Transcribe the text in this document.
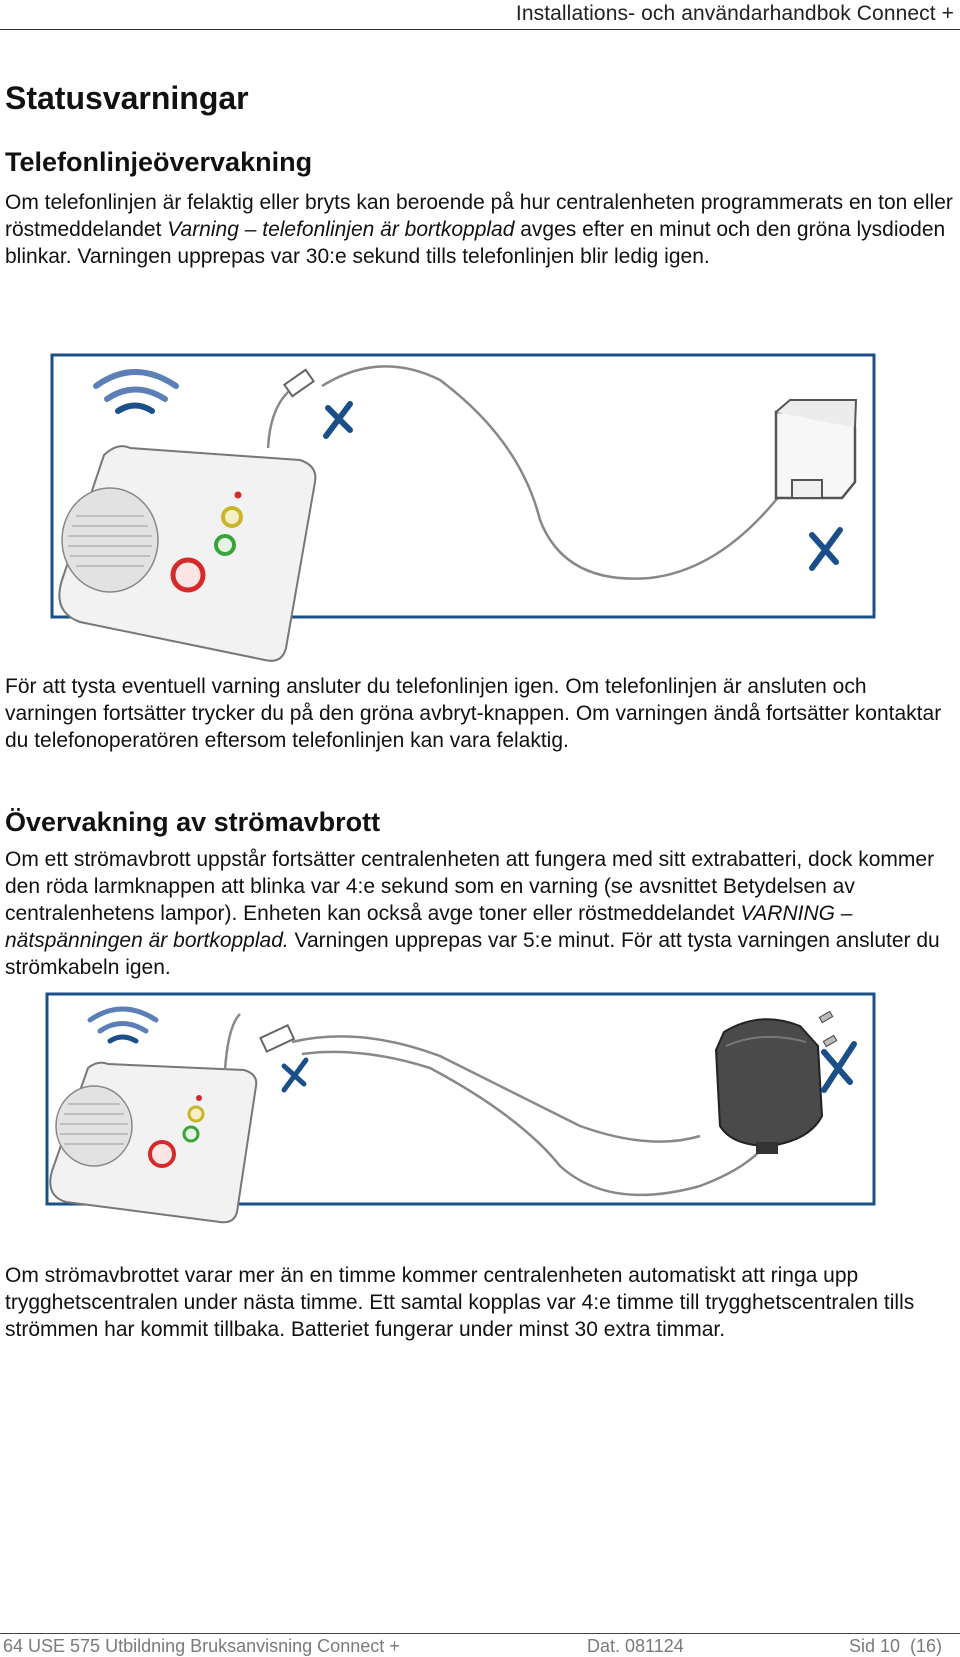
Installations- och användarhandbok Connect +
Statusvarningar
Telefonlinjeövervakning

Om telefonlinjen är felaktig eller bryts kan beroende på hur centralenheten programmerats en ton eller röstmeddelandet Varning – telefonlinjen är bortkopplad avges efter en minut och den gröna lysdioden blinkar. Varningen upprepas var 30:e sekund tills telefonlinjen blir ledig igen.

För att tysta eventuell varning ansluter du telefonlinjen igen. Om telefonlinjen är ansluten och varningen fortsätter trycker du på den gröna avbryt-knappen. Om varningen ändå fortsätter kontaktar du telefonoperatören eftersom telefonlinjen kan vara felaktig.

Övervakning av strömavbrott

Om ett strömavbrott uppstår fortsätter centralenheten att fungera med sitt extrabatteri, dock kommer den röda larmknappen att blinka var 4:e sekund som en varning (se avsnittet Betydelsen av centralenhetens lampor). Enheten kan också avge toner eller röstmeddelandet VARNING – nätspänningen är bortkopplad. Varningen upprepas var 5:e minut. För att tysta varningen ansluter du strömkabeln igen.

Om strömavbrottet varar mer än en timme kommer centralenheten automatiskt att ringa upp trygghetscentralen under nästa timme. Ett samtal kopplas var 4:e timme till trygghetscentralen tills strömmen har kommit tillbaka. Batteriet fungerar under minst 30 extra timmar.

64 USE 575 Utbildning Bruksanvisning Connect +	Dat. 081124	Sid 10  (16)
